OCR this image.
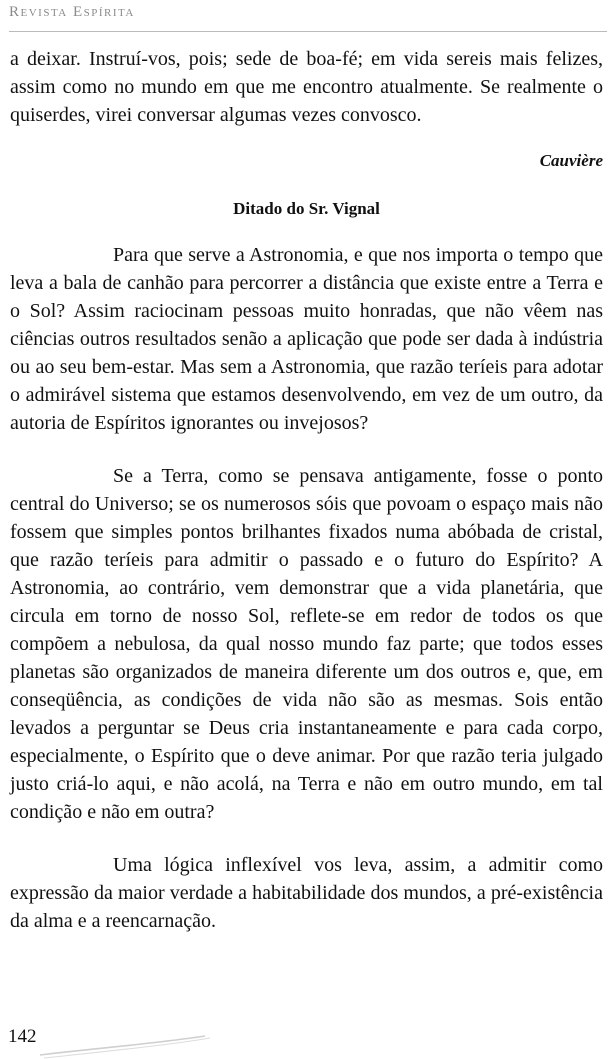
Revista Espírita

a deixar. Instruí-vos, pois; sede de boa-fé; em vida sereis mais felizes, assim como no mundo em que me encontro atualmente. Se realmente o quiserdes, virei conversar algumas vezes convosco.

Cauvière

Ditado do Sr. Vignal

Para que serve a Astronomia, e que nos importa o tempo que leva a bala de canhão para percorrer a distância que existe entre a Terra e o Sol? Assim raciocinam pessoas muito honradas, que não vêem nas ciências outros resultados senão a aplicação que pode ser dada à indústria ou ao seu bem-estar. Mas sem a Astronomia, que razão teríeis para adotar o admirável sistema que estamos desenvolvendo, em vez de um outro, da autoria de Espíritos ignorantes ou invejosos?

Se a Terra, como se pensava antigamente, fosse o ponto central do Universo; se os numerosos sóis que povoam o espaço mais não fossem que simples pontos brilhantes fixados numa abóbada de cristal, que razão teríeis para admitir o passado e o futuro do Espírito? A Astronomia, ao contrário, vem demonstrar que a vida planetária, que circula em torno de nosso Sol, reflete-se em redor de todos os que compõem a nebulosa, da qual nosso mundo faz parte; que todos esses planetas são organizados de maneira diferente um dos outros e, que, em conseqüência, as condições de vida não são as mesmas. Sois então levados a perguntar se Deus cria instantaneamente e para cada corpo, especialmente, o Espírito que o deve animar. Por que razão teria julgado justo criá-lo aqui, e não acolá, na Terra e não em outro mundo, em tal condição e não em outra?

Uma lógica inflexível vos leva, assim, a admitir como expressão da maior verdade a habitabilidade dos mundos, a pré-existência da alma e a reencarnação.

142
